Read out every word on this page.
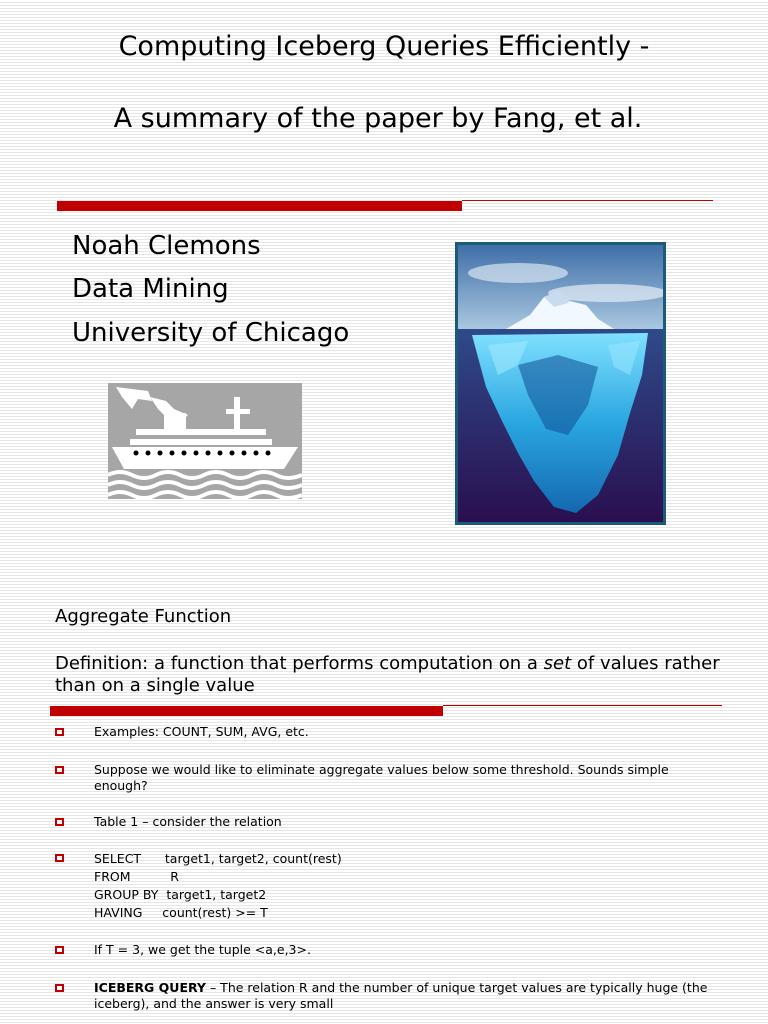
Computing Iceberg Queries Efficiently -
A summary of the paper by Fang, et al.
Noah Clemons
Data Mining
University of Chicago
Aggregate Function
Definition: a function that performs computation on a set of values rather than on a single value
Examples: COUNT, SUM, AVG, etc.
Suppose we would like to eliminate aggregate values below some threshold. Sounds simple enough?
Table 1 – consider the relation
SELECT      target1, target2, count(rest)
FROM          R
GROUP BY  target1, target2
HAVING     count(rest) >= T
If T = 3, we get the tuple <a,e,3>.
ICEBERG QUERY – The relation R and the number of unique target values are typically huge (the iceberg), and the answer is very small
